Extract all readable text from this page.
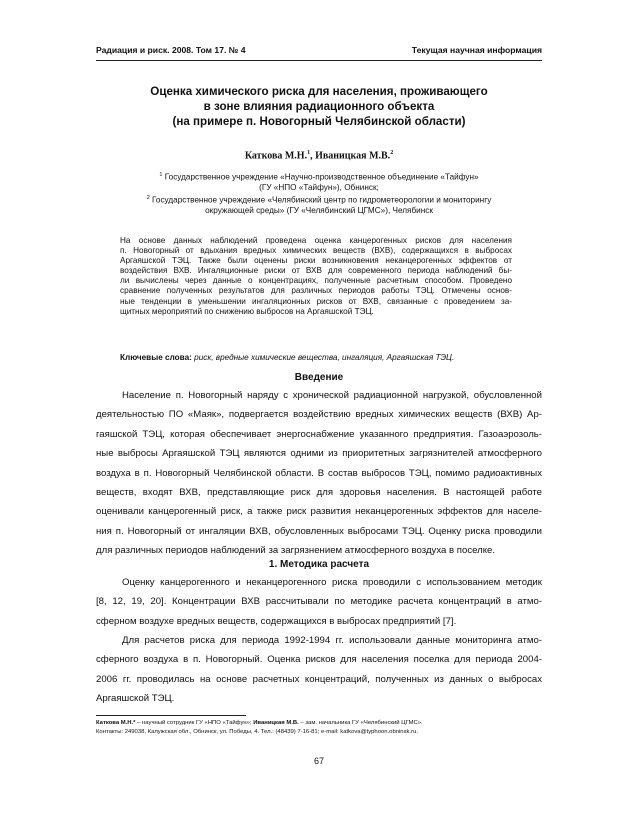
Радиация и риск. 2008. Том 17. № 4	Текущая научная информация
Оценка химического риска для населения, проживающего
в зоне влияния радиационного объекта
(на примере п. Новогорный Челябинской области)
Каткова М.Н.$^1$, Иваницкая М.В.$^2$
$^1$ Государственное учреждение «Научно-производственное объединение «Тайфун»
(ГУ «НПО «Тайфун»), Обнинск;
$^2$ Государственное учреждение «Челябинский центр по гидрометеорологии и мониторингу
окружающей среды» (ГУ «Челябинский ЦГМС»), Челябинск
На основе данных наблюдений проведена оценка канцерогенных рисков для населения
п. Новогорный от вдыхания вредных химических веществ (ВХВ), содержащихся в выбросах
Аргаяшской ТЭЦ. Также были оценены риски возникновения неканцерогенных эффектов от
воздействия ВХВ. Ингаляционные риски от ВХВ для современного периода наблюдений бы-
ли вычислены через данные о концентрациях, полученные расчетным способом. Проведено
сравнение полученных результатов для различных периодов работы ТЭЦ. Отмечены основ-
ные тенденции в уменьшении ингаляционных рисков от ВХВ, связанные с проведением за-
щитных мероприятий по снижению выбросов на Аргаяшской ТЭЦ.
Ключевые слова: риск, вредные химические вещества, ингаляция, Аргаяшская ТЭЦ.
Введение
Население п. Новогорный наряду с хронической радиационной нагрузкой, обусловленной
деятельностью ПО «Маяк», подвергается воздействию вредных химических веществ (ВХВ) Ар-
гаяшской ТЭЦ, которая обеспечивает энергоснабжение указанного предприятия. Газоаэрозоль-
ные выбросы Аргаяшской ТЭЦ являются одними из приоритетных загрязнителей атмосферного
воздуха в п. Новогорный Челябинской области. В состав выбросов ТЭЦ, помимо радиоактивных
веществ, входят ВХВ, представляющие риск для здоровья населения. В настоящей работе
оценивали канцерогенный риск, а также риск развития неканцерогенных эффектов для населе-
ния п. Новогорный от ингаляции ВХВ, обусловленных выбросами ТЭЦ. Оценку риска проводили
для различных периодов наблюдений за загрязнением атмосферного воздуха в поселке.
1. Методика расчета
Оценку канцерогенного и неканцерогенного риска проводили с использованием методик
[8, 12, 19, 20]. Концентрации ВХВ рассчитывали по методике расчета концентраций в атмо-
сферном воздухе вредных веществ, содержащихся в выбросах предприятий [7].
Для расчетов риска для периода 1992-1994 гг. использовали данные мониторинга атмо-
сферного воздуха в п. Новогорный. Оценка рисков для населения поселка для периода 2004-
2006 гг. проводилась на основе расчетных концентраций, полученных из данных о выбросах
Аргаяшской ТЭЦ.
Каткова М.Н.* – научный сотрудник ГУ «НПО «Тайфун»; Иваницкая М.В. – зам. начальника ГУ «Челябинский ЦГМС».
Контакты: 249038, Калужская обл., Обнинск, ул. Победы, 4. Тел.: (48439) 7-16-81; e-mail: katkova@typhoon.obninsk.ru.
67
